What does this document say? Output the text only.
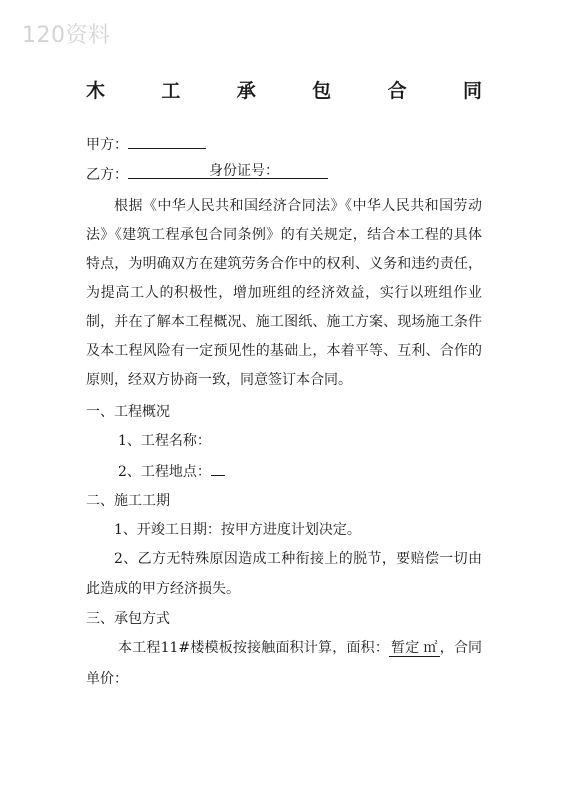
120资料
木	工	承	包	合	同
甲方：
乙方：	身份证号：
根据《中华人民共和国经济合同法》《中华人民共和国劳动法》《建筑工程承包合同条例》的有关规定，结合本工程的具体特点，为明确双方在建筑劳务合作中的权利、义务和违约责任，为提高工人的积极性，增加班组的经济效益，实行以班组作业制，并在了解本工程概况、施工图纸、施工方案、现场施工条件及本工程风险有一定预见性的基础上，本着平等、互利、合作的原则，经双方协商一致，同意签订本合同。
一、工程概况
1、工程名称：
2、工程地点：
二、施工工期
1、开竣工日期：按甲方进度计划决定。
2、乙方无特殊原因造成工种衔接上的脱节，要赔偿一切由此造成的甲方经济损失。
三、承包方式
本工程11#楼模板按接触面积计算，面积： 暂定 ㎡ ，合同单价：
